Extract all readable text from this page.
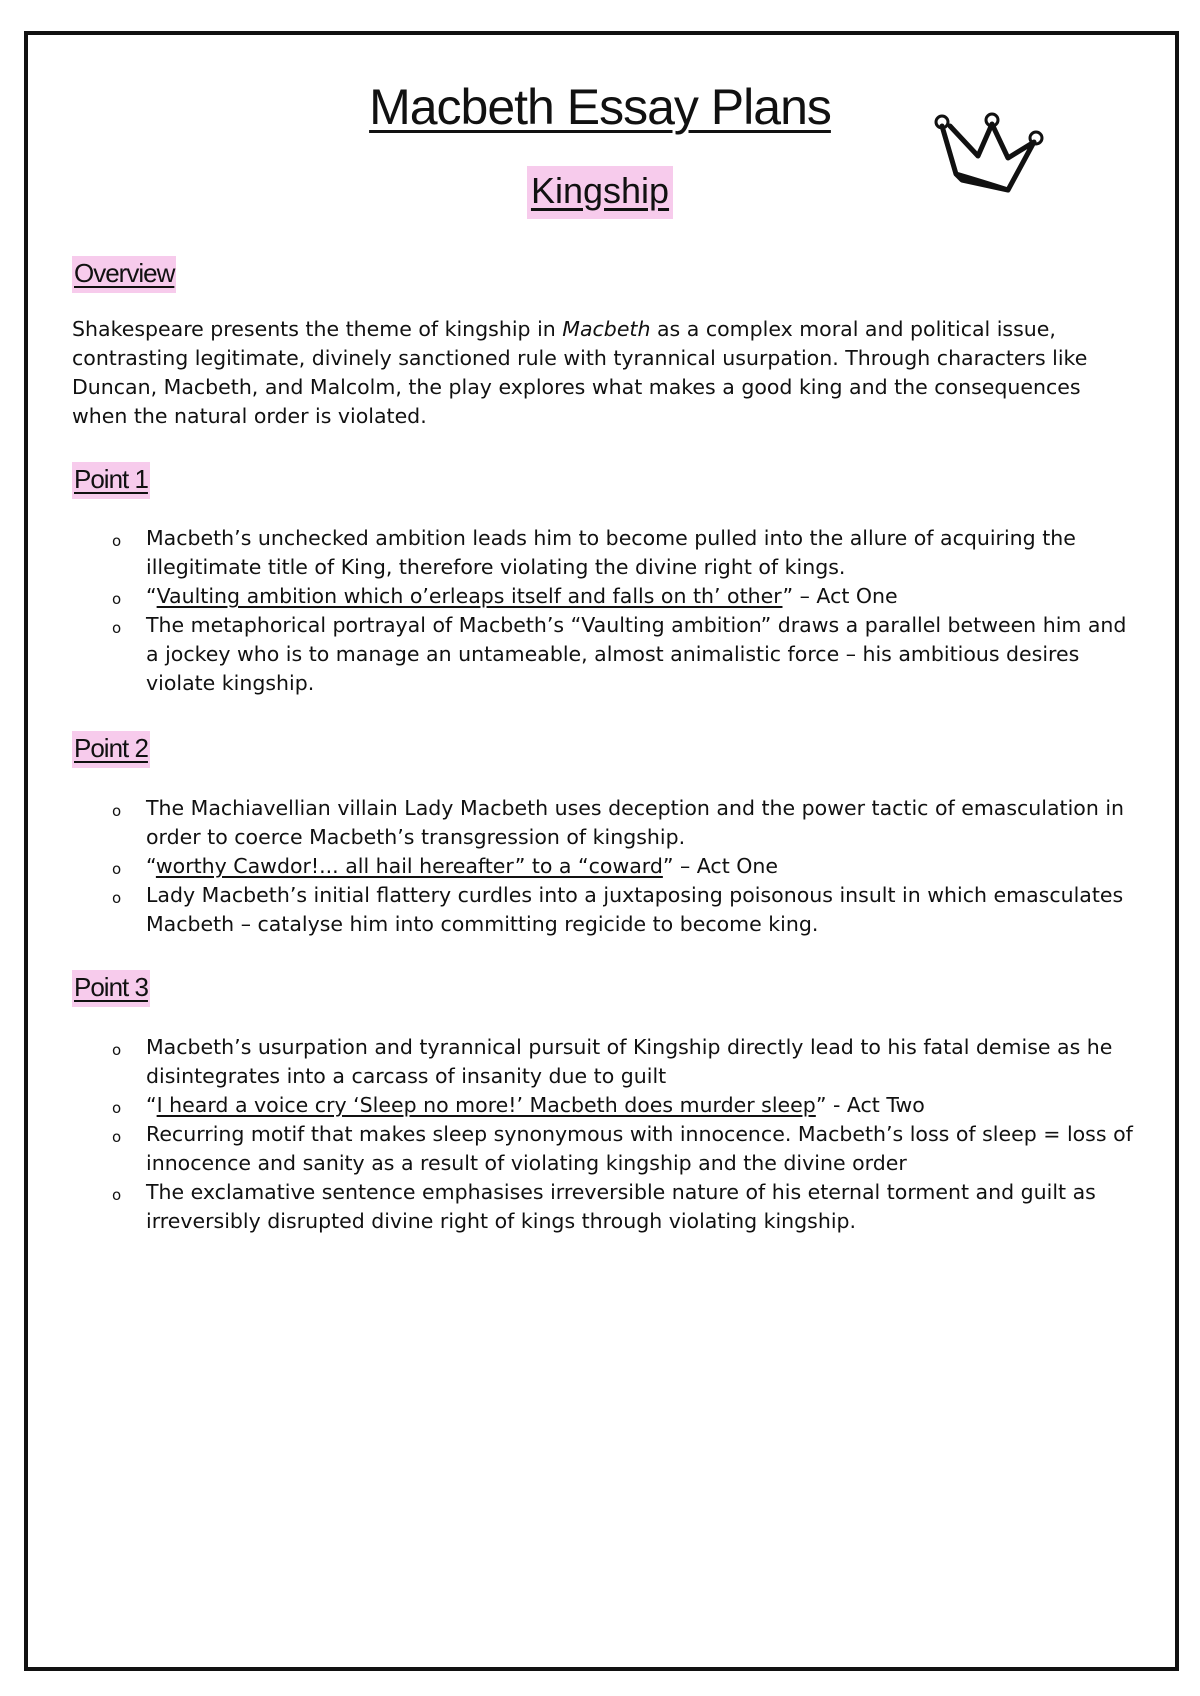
Macbeth Essay Plans
Kingship
Overview

Shakespeare presents the theme of kingship in Macbeth as a complex moral and political issue, contrasting legitimate, divinely sanctioned rule with tyrannical usurpation. Through characters like Duncan, Macbeth, and Malcolm, the play explores what makes a good king and the consequences when the natural order is violated.

Point 1
o Macbeth’s unchecked ambition leads him to become pulled into the allure of acquiring the illegitimate title of King, therefore violating the divine right of kings.
o “Vaulting ambition which o’erleaps itself and falls on th’ other” – Act One
o The metaphorical portrayal of Macbeth’s “Vaulting ambition” draws a parallel between him and a jockey who is to manage an untameable, almost animalistic force – his ambitious desires violate kingship.
Point 2
o The Machiavellian villain Lady Macbeth uses deception and the power tactic of emasculation in order to coerce Macbeth’s transgression of kingship.
o “worthy Cawdor!... all hail hereafter” to a “coward” – Act One
o Lady Macbeth’s initial flattery curdles into a juxtaposing poisonous insult in which emasculates Macbeth – catalyse him into committing regicide to become king.
Point 3
o Macbeth’s usurpation and tyrannical pursuit of Kingship directly lead to his fatal demise as he disintegrates into a carcass of insanity due to guilt
o “I heard a voice cry ‘Sleep no more!’ Macbeth does murder sleep” - Act Two
o Recurring motif that makes sleep synonymous with innocence. Macbeth’s loss of sleep = loss of innocence and sanity as a result of violating kingship and the divine order
o The exclamative sentence emphasises irreversible nature of his eternal torment and guilt as irreversibly disrupted divine right of kings through violating kingship.
